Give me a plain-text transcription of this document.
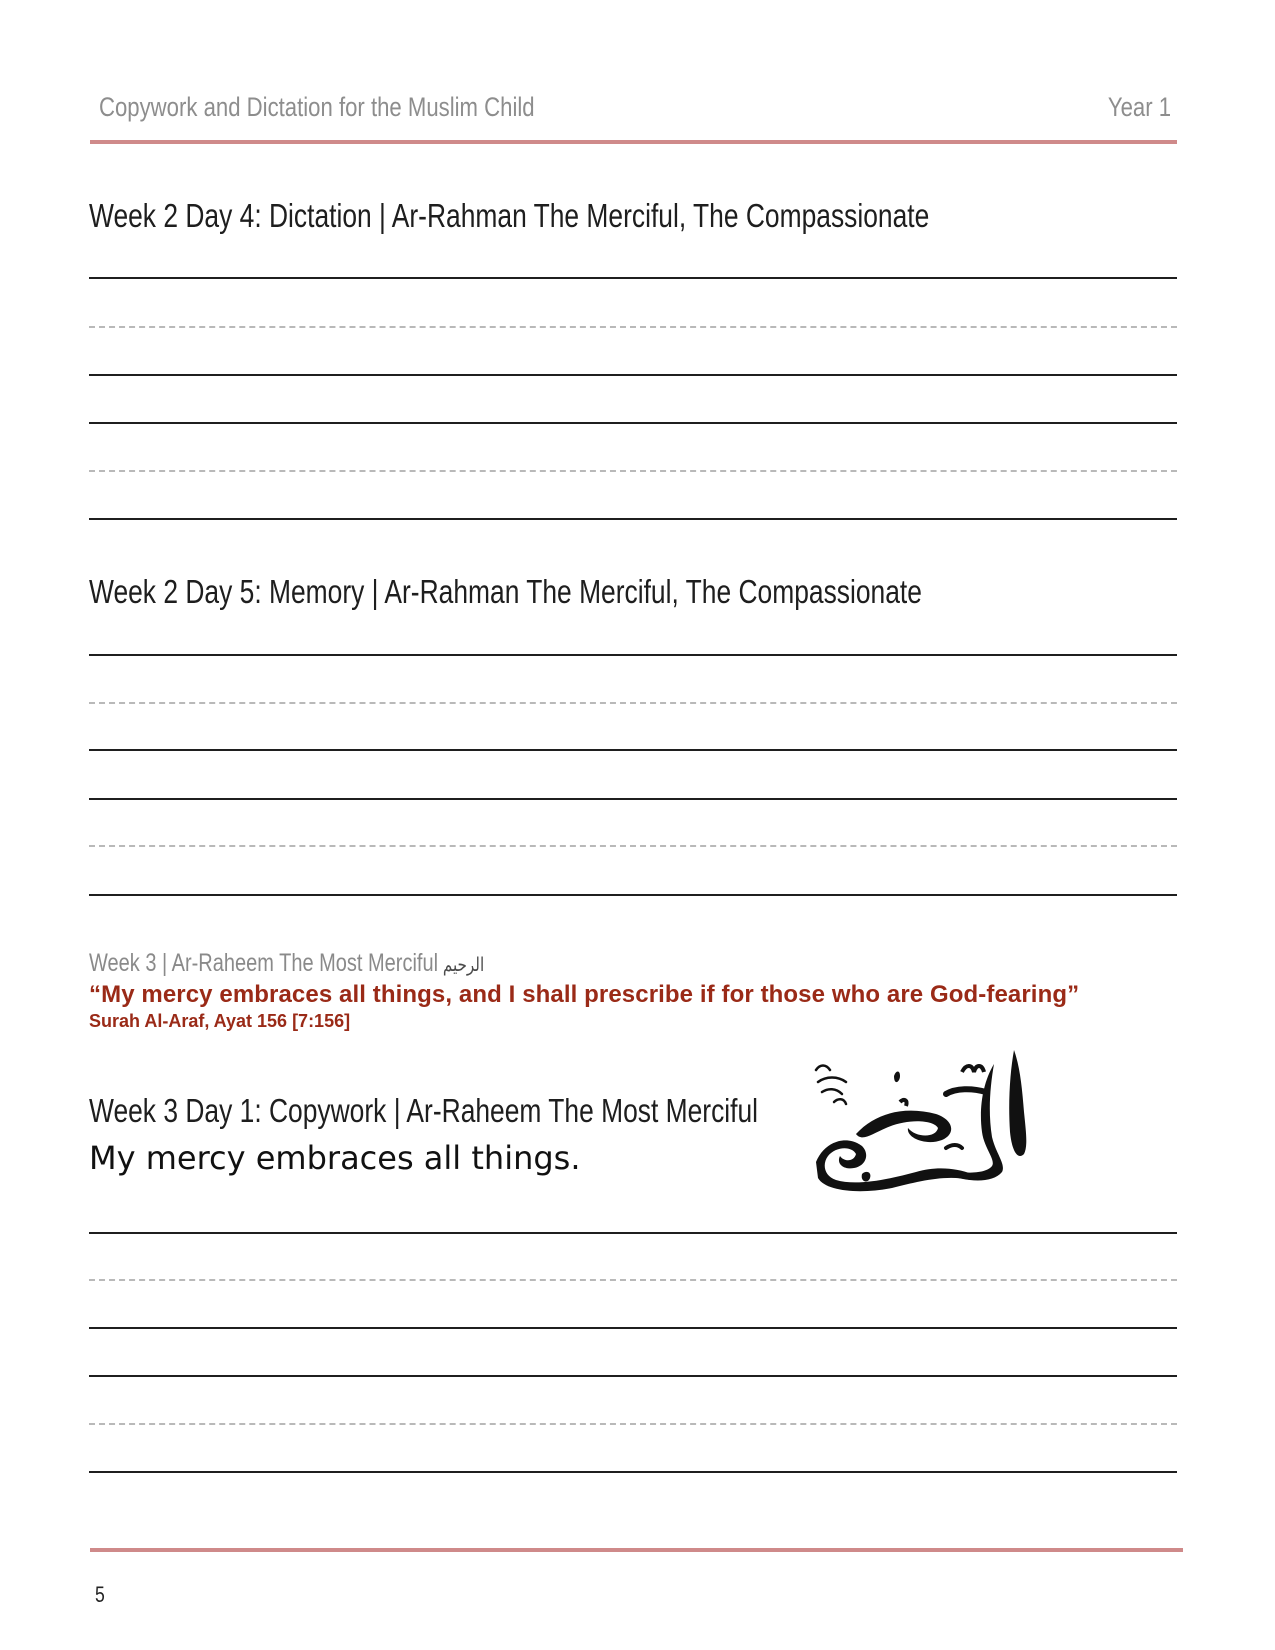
Copywork and Dictation for the Muslim Child	Year 1
Week 2 Day 4: Dictation | Ar-Rahman The Merciful, The Compassionate
Week 2 Day 5: Memory | Ar-Rahman The Merciful, The Compassionate
Week 3 | Ar-Raheem The Most Merciful الرحيم
“My mercy embraces all things, and I shall prescribe if for those who are God-fearing”
Surah Al-Araf, Ayat 156 [7:156]
Week 3 Day 1: Copywork | Ar-Raheem The Most Merciful
My mercy embraces all things.
5
